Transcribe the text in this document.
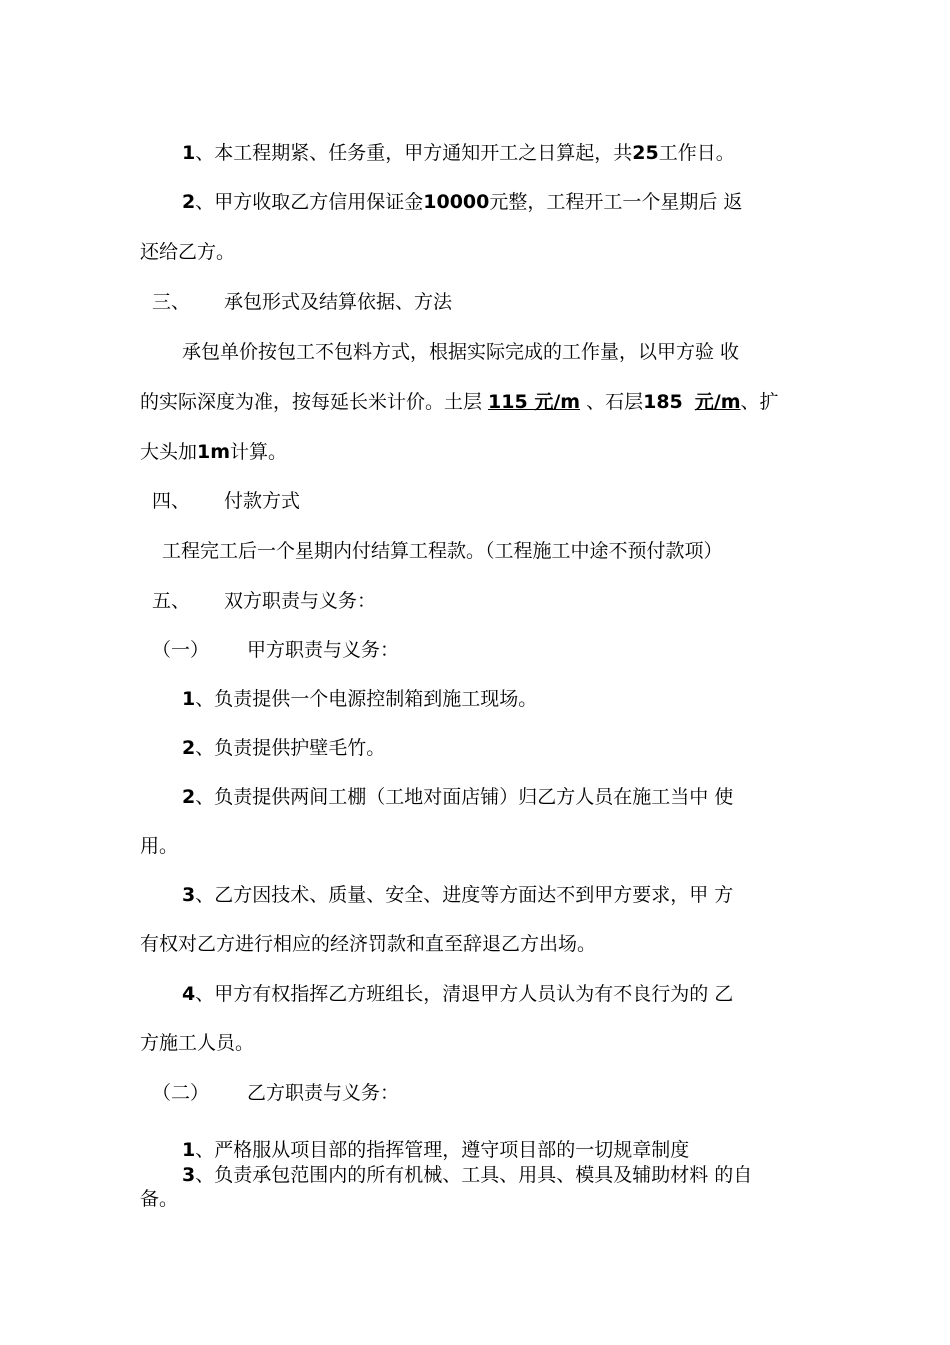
1、本工程期紧、任务重，甲方通知开工之日算起，共25工作日。
2、甲方收取乙方信用保证金10000元整，工程开工一个星期后 返
还给乙方。
三、 承包形式及结算依据、方法
承包单价按包工不包料方式，根据实际完成的工作量，以甲方验 收
的实际深度为准，按每延长米计价。土层 115 元/m 、石层185 元/m、扩
大头加1m计算。
四、 付款方式
工程完工后一个星期内付结算工程款。（工程施工中途不预付款项）
五、 双方职责与义务：
（一） 甲方职责与义务：
1、负责提供一个电源控制箱到施工现场。
2、负责提供护壁毛竹。
2、负责提供两间工棚（工地对面店铺）归乙方人员在施工当中 使
用。
3、乙方因技术、质量、安全、进度等方面达不到甲方要求，甲 方
有权对乙方进行相应的经济罚款和直至辞退乙方出场。
4、甲方有权指挥乙方班组长，清退甲方人员认为有不良行为的 乙
方施工人员。
（二） 乙方职责与义务：
1、严格服从项目部的指挥管理，遵守项目部的一切规章制度
3、负责承包范围内的所有机械、工具、用具、模具及辅助材料 的自
备。
